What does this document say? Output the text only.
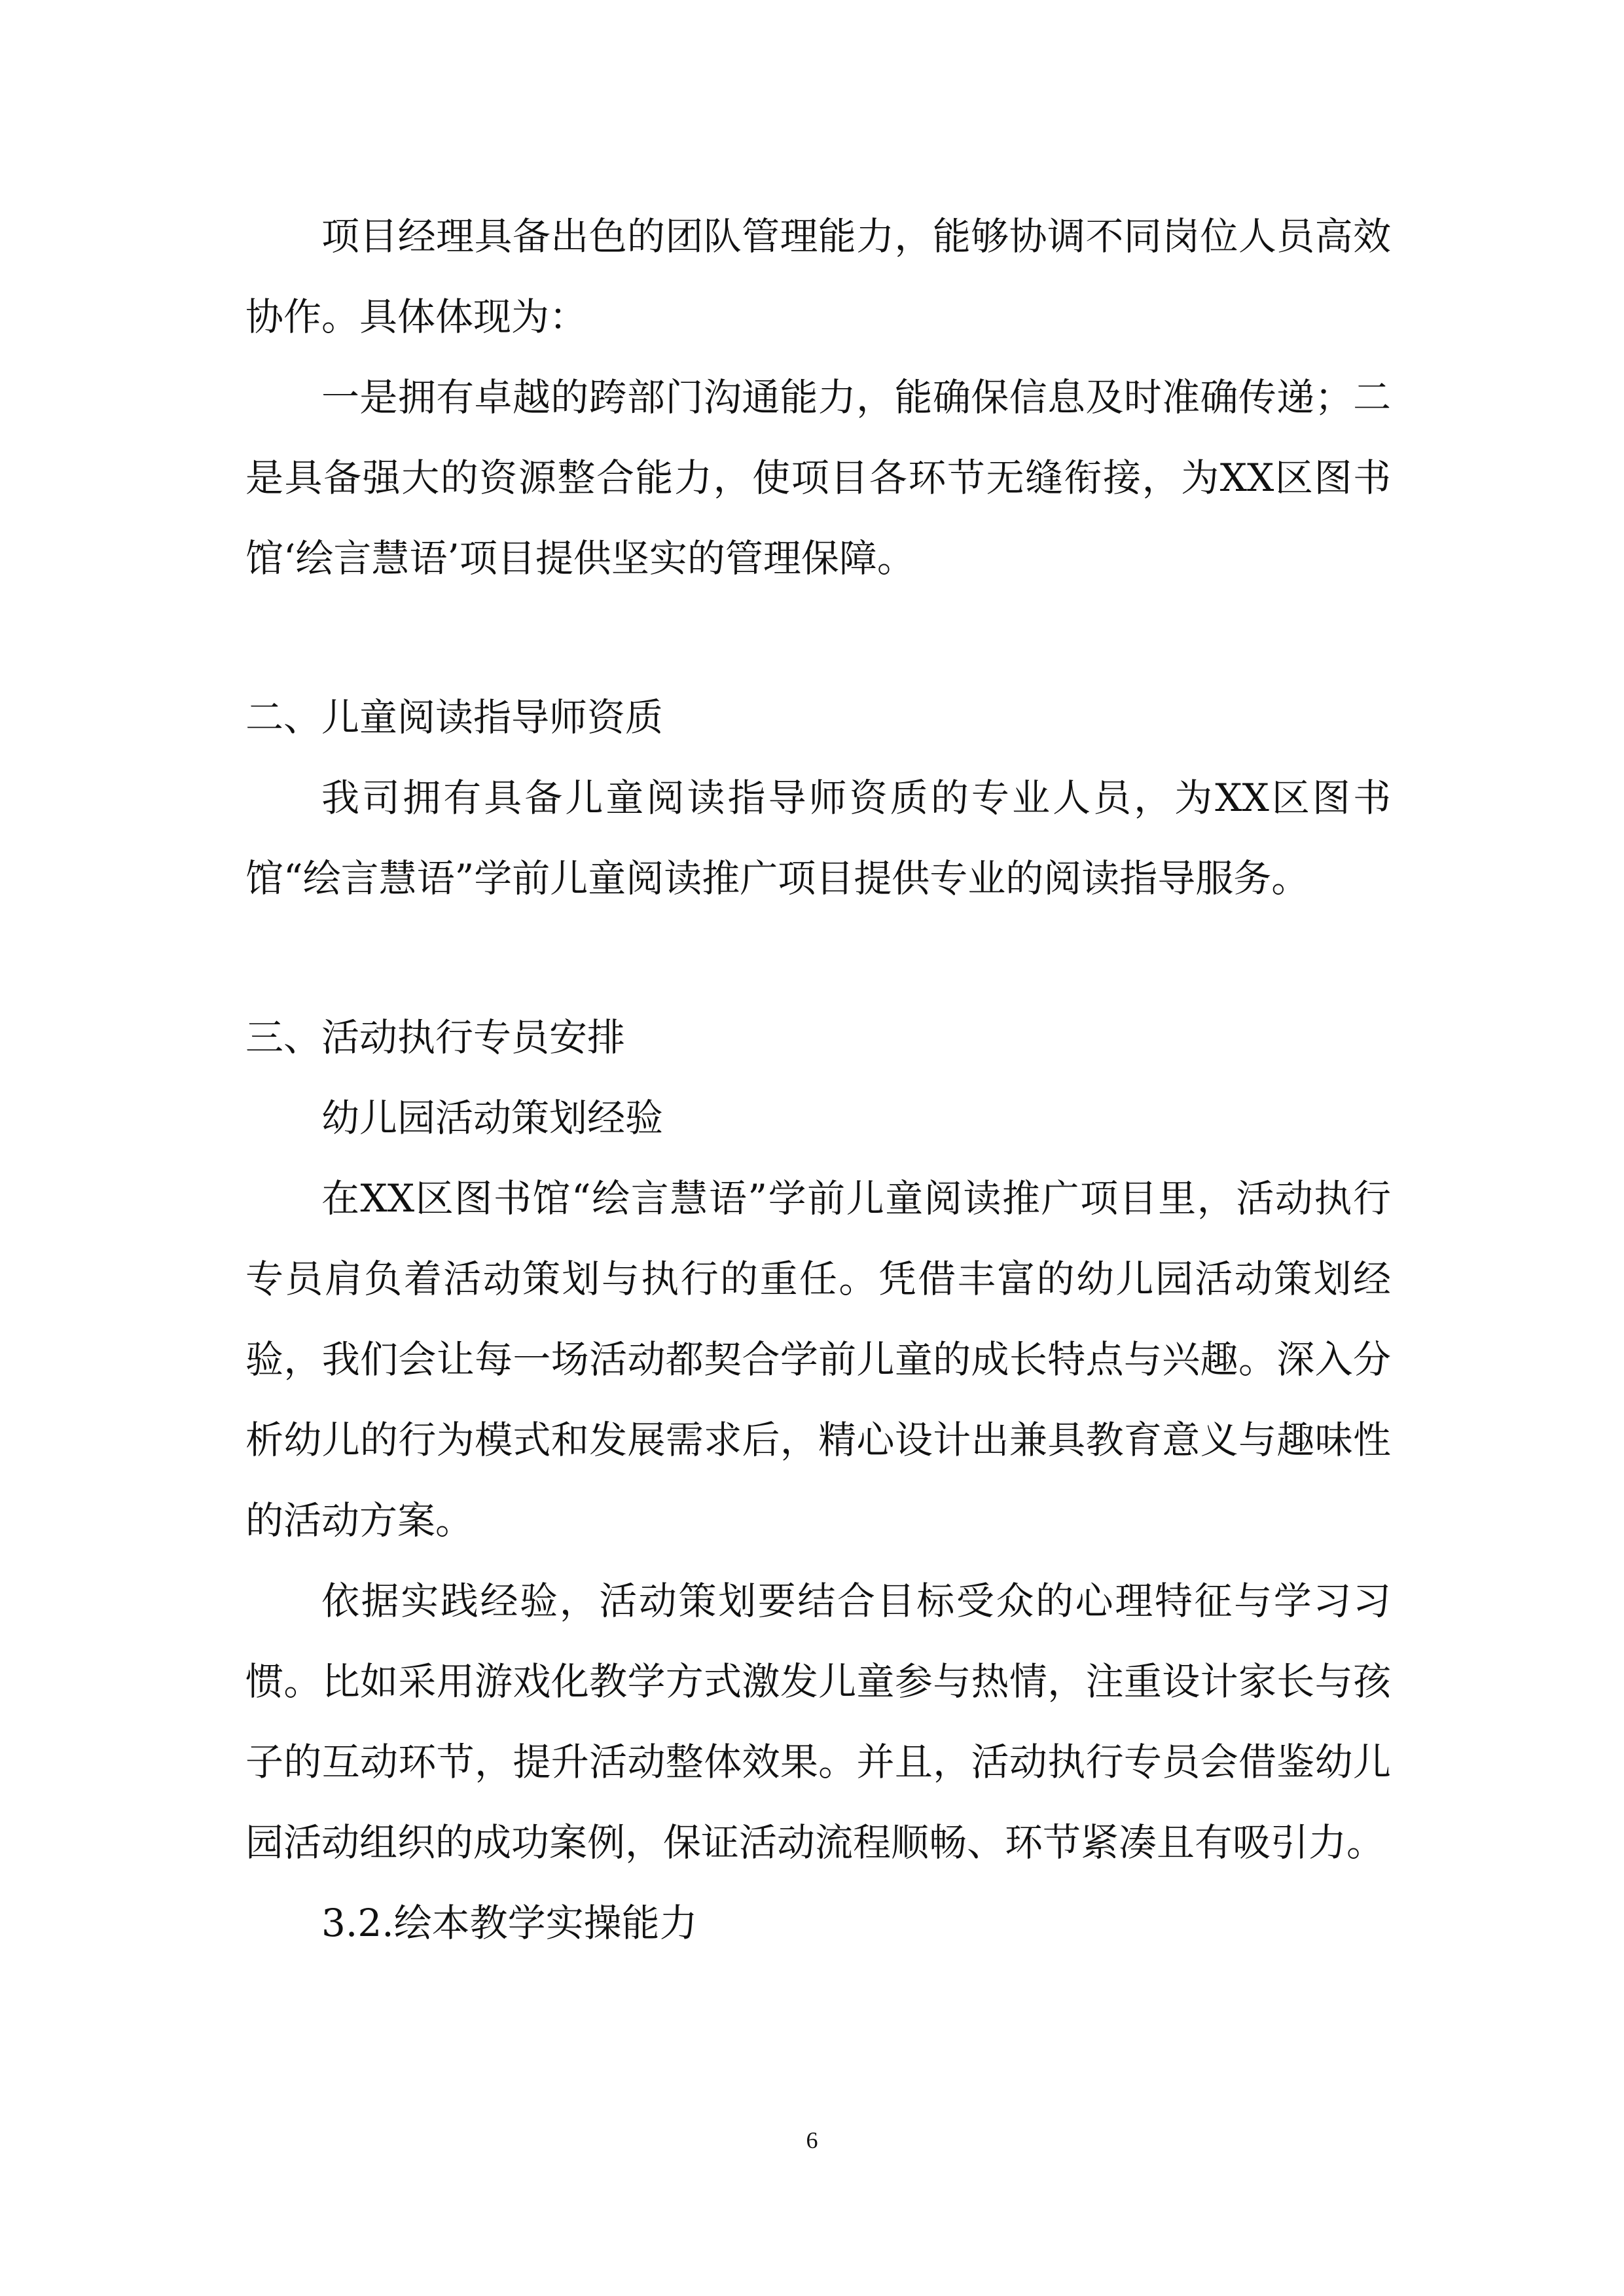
项目经理具备出色的团队管理能力，能够协调不同岗位人员高效协作。具体体现为：

一是拥有卓越的跨部门沟通能力，能确保信息及时准确传递；二是具备强大的资源整合能力，使项目各环节无缝衔接，为XX区图书馆‘绘言慧语’项目提供坚实的管理保障。

二、儿童阅读指导师资质

我司拥有具备儿童阅读指导师资质的专业人员，为XX区图书馆“绘言慧语”学前儿童阅读推广项目提供专业的阅读指导服务。

三、活动执行专员安排

幼儿园活动策划经验

在XX区图书馆“绘言慧语”学前儿童阅读推广项目里，活动执行专员肩负着活动策划与执行的重任。凭借丰富的幼儿园活动策划经验，我们会让每一场活动都契合学前儿童的成长特点与兴趣。深入分析幼儿的行为模式和发展需求后，精心设计出兼具教育意义与趣味性的活动方案。

依据实践经验，活动策划要结合目标受众的心理特征与学习习惯。比如采用游戏化教学方式激发儿童参与热情，注重设计家长与孩子的互动环节，提升活动整体效果。并且，活动执行专员会借鉴幼儿园活动组织的成功案例，保证活动流程顺畅、环节紧凑且有吸引力。

3.2.绘本教学实操能力

6
